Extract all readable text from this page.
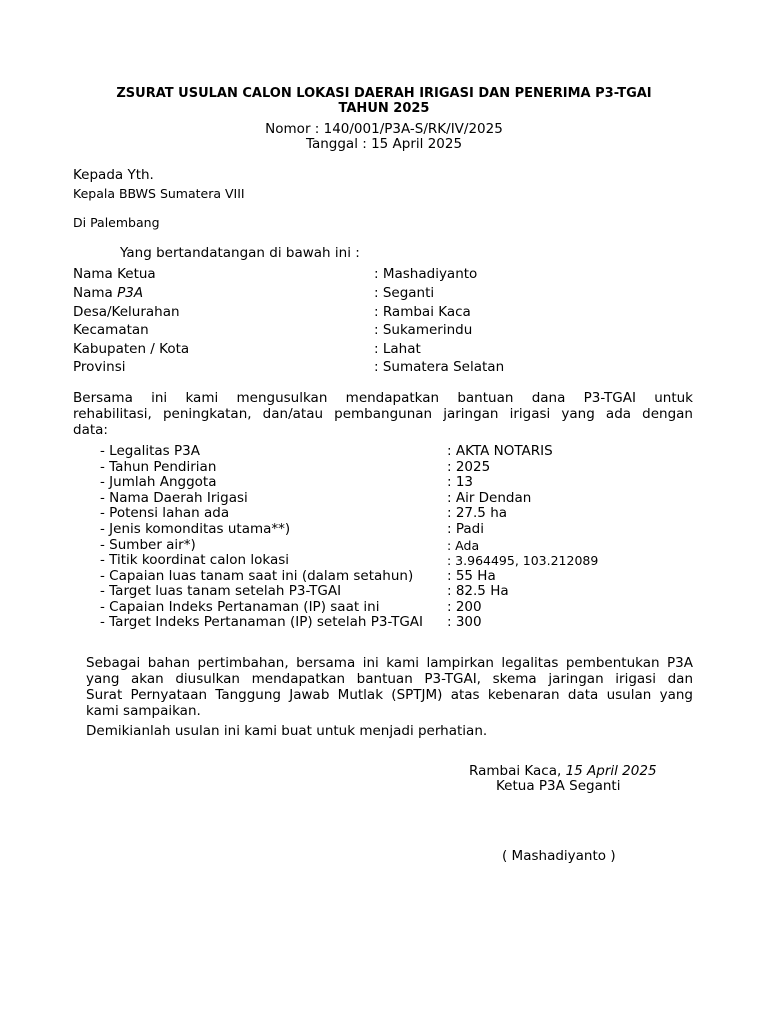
ZSURAT USULAN CALON LOKASI DAERAH IRIGASI DAN PENERIMA P3-TGAI
TAHUN 2025
Nomor : 140/001/P3A-S/RK/IV/2025
Tanggal : 15 April 2025
Kepada Yth.
Kepala BBWS Sumatera VIII
Di Palembang
Yang bertandatangan di bawah ini :
Nama Ketua	: Mashadiyanto
Nama P3A	: Seganti
Desa/Kelurahan	: Rambai Kaca
Kecamatan	: Sukamerindu
Kabupaten / Kota	: Lahat
Provinsi	: Sumatera Selatan
Bersama ini kami mengusulkan mendapatkan bantuan dana P3-TGAI untuk
rehabilitasi, peningkatan, dan/atau pembangunan jaringan irigasi yang ada dengan
data:
- Legalitas P3A	: AKTA NOTARIS
- Tahun Pendirian	: 2025
- Jumlah Anggota	: 13
- Nama Daerah Irigasi	: Air Dendan
- Potensi lahan ada	: 27.5 ha
- Jenis komonditas utama**)	: Padi
- Sumber air*)	: Ada
- Titik koordinat calon lokasi	: 3.964495, 103.212089
- Capaian luas tanam saat ini (dalam setahun)	: 55 Ha
- Target luas tanam setelah P3-TGAI	: 82.5 Ha
- Capaian Indeks Pertanaman (IP) saat ini	: 200
- Target Indeks Pertanaman (IP) setelah P3-TGAI : 300
Sebagai bahan pertimbahan, bersama ini kami lampirkan legalitas pembentukan P3A
yang akan diusulkan mendapatkan bantuan P3-TGAI, skema jaringan irigasi dan
Surat Pernyataan Tanggung Jawab Mutlak (SPTJM) atas kebenaran data usulan yang
kami sampaikan.
Demikianlah usulan ini kami buat untuk menjadi perhatian.
Rambai Kaca, 15 April 2025
Ketua P3A Seganti
( Mashadiyanto )
